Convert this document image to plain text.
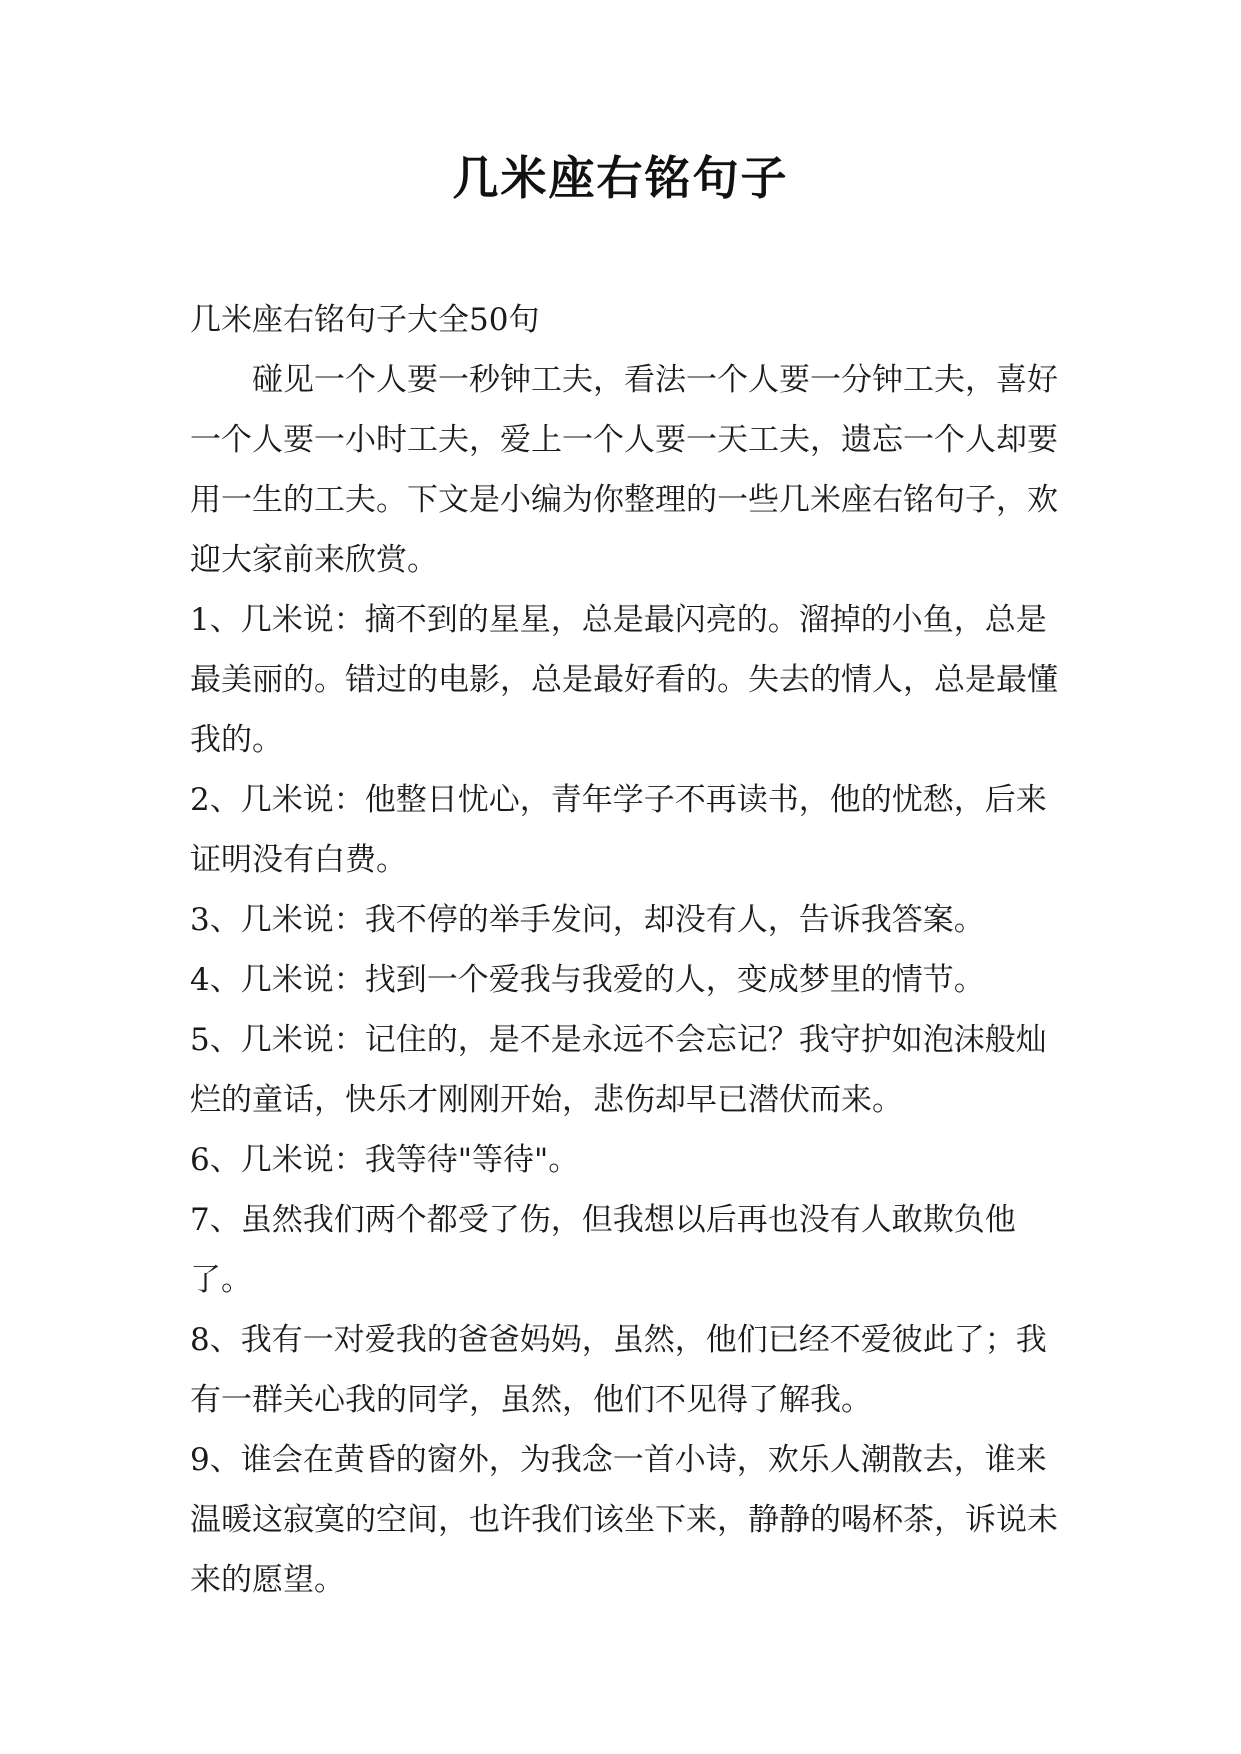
几米座右铭句子

几米座右铭句子大全50句

碰见一个人要一秒钟工夫，看法一个人要一分钟工夫，喜好一个人要一小时工夫，爱上一个人要一天工夫，遗忘一个人却要用一生的工夫。下文是小编为你整理的一些几米座右铭句子，欢迎大家前来欣赏。

1、几米说：摘不到的星星，总是最闪亮的。溜掉的小鱼，总是最美丽的。错过的电影，总是最好看的。失去的情人，总是最懂我的。

2、几米说：他整日忧心，青年学子不再读书，他的忧愁，后来证明没有白费。

3、几米说：我不停的举手发问，却没有人，告诉我答案。

4、几米说：找到一个爱我与我爱的人，变成梦里的情节。

5、几米说：记住的，是不是永远不会忘记？我守护如泡沫般灿烂的童话，快乐才刚刚开始，悲伤却早已潜伏而来。

6、几米说：我等待"等待"。

7、虽然我们两个都受了伤，但我想以后再也没有人敢欺负他了。

8、我有一对爱我的爸爸妈妈，虽然，他们已经不爱彼此了；我有一群关心我的同学，虽然，他们不见得了解我。

9、谁会在黄昏的窗外，为我念一首小诗，欢乐人潮散去，谁来温暖这寂寞的空间，也许我们该坐下来，静静的喝杯茶，诉说未来的愿望。
